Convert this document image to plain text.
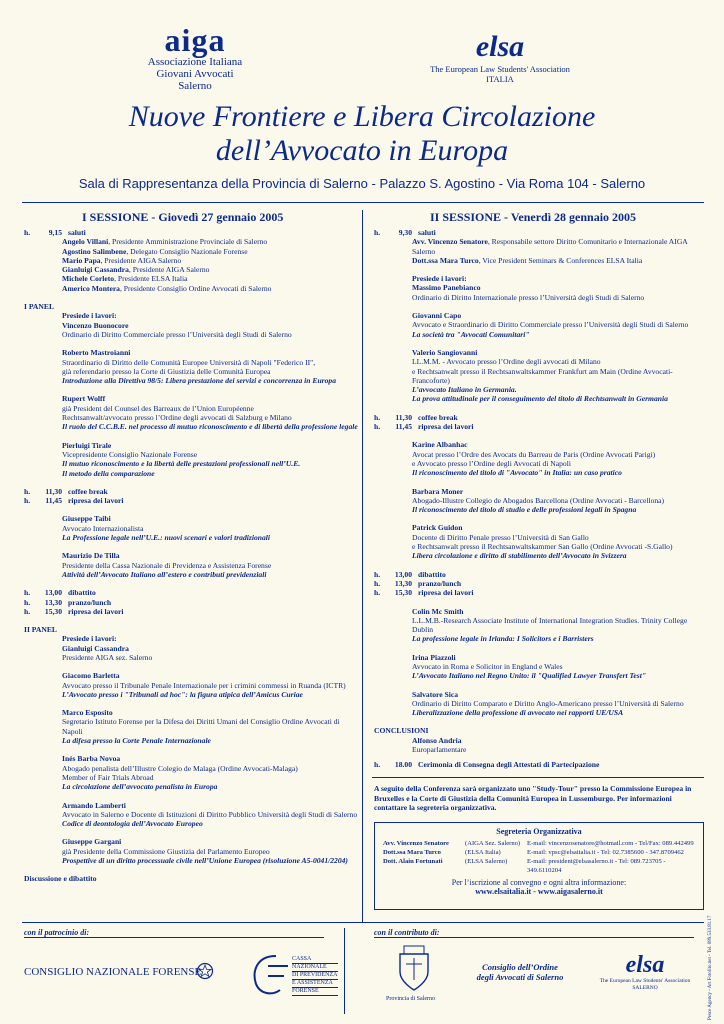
aiga
Associazione Italiana
Giovani Avvocati
Salerno
elsa
The European Law Students' Association
ITALIA
Nuove Frontiere e Libera Circolazione
dell’Avvocato in Europa
Sala di Rappresentanza della Provincia di Salerno - Palazzo S. Agostino - Via Roma 104 - Salerno
I SESSIONE - Giovedì 27 gennaio 2005
h.	9,15 saluti
Angelo Villani, Presidente Amministrazione Provinciale di Salerno
Agostino Salimbene, Delegato Consiglio Nazionale Forense
Mario Papa, Presidente AIGA Salerno
Gianluigi Cassandra, Presidente AIGA Salerno
Michele Corleto, Presidente ELSA Italia
Americo Montera, Presidente Consiglio Ordine Avvocati di Salerno
I PANEL
Presiede i lavori:
Vincenzo Buonocore
Ordinario di Diritto Commerciale presso l’Università degli Studi di Salerno
Roberto Mastroianni
Straordinario di Diritto delle Comunità Europee Università di Napoli "Federico II",
già referendario presso la Corte di Giustizia delle Comunità Europea
Introduzione alla Direttiva 98/5: Libera prestazione dei servizi e concorrenza in Europa
Rupert Wolff
già President del Counsel des Barreaux de l’Union Européenne
Rechtsanwalt/avvocato presso l’Ordine degli avvocati di Salzburg e Milano
Il ruolo del C.C.B.E. nel processo di mutuo riconoscimento e di libertà della professione legale
Pierluigi Tirale
Vicepresidente Consiglio Nazionale Forense
Il mutuo riconoscimento e la libertà delle prestazioni professionali nell’U.E.
Il metodo della comparazione
h.	11,30 coffee break
h.	11,45 ripresa dei lavori
Giuseppe Taibi
Avvocato Internazionalista
La Professione legale nell’U.E.: nuovi scenari e valori tradizionali
Maurizio De Tilla
Presidente della Cassa Nazionale di Previdenza e Assistenza Forense
Attività dell’Avvocato Italiano all’estero e contributi previdenziali
h.	13,00 dibattito
h.	13,30 pranzo/lunch
h.	15,30 ripresa dei lavori
II PANEL
Presiede i lavori:
Gianluigi Cassandra
Presidente AIGA sez. Salerno
Giacomo Barletta
Avvocato presso il Tribunale Penale Internazionale per i crimini commessi in Ruanda (ICTR)
L’Avvocato presso i "Tribunali ad hoc": la figura atipica dell’Amicus Curiae
Marco Esposito
Segretario Istituto Forense per la Difesa dei Diritti Umani del Consiglio Ordine Avvocati di Napoli
La difesa presso la Corte Penale Internazionale
Inés Barba Novoa
Abogado penalista dell’Illustre Colegio de Malaga (Ordine Avvocati-Malaga)
Member of Fair Trials Abroad
La circolazione dell’avvocato penalista in Europa
Armando Lamberti
Avvocato in Salerno e Docente di Istituzioni di Diritto Pubblico Università degli Studi di Salerno
Codice di deontologia dell’Avvocato Europeo
Giuseppe Gargani
già Presidente della Commissione Giustizia del Parlamento Europeo
Prospettive di un diritto processuale civile nell’Unione Europea (risoluzione A5-0041/2204)
Discussione e dibattito
II SESSIONE - Venerdì 28 gennaio 2005
h.	9,30 saluti
Avv. Vincenzo Senatore, Responsabile settore Diritto Comunitario e Internazionale AIGA Salerno
Dott.ssa Mara Turco, Vice President Seminars & Conferences ELSA Italia
Presiede i lavori:
Massimo Panebianco
Ordinario di Diritto Internazionale presso l’Università degli Studi di Salerno
Giovanni Capo
Avvocato e Straordinario di Diritto Commerciale presso l’Università degli Studi di Salerno
La società tra "Avvocati Comunitari"
Valerio Sangiovanni
LL.M.M. - Avvocato presso l’Ordine degli avvocati di Milano
e Rechtsanwalt presso il Rechtsanwaltskammer Frankfurt am Main (Ordine Avvocati- Francoforte)
L’avvocato Italiano in Germania.
La prova attitudinale per il conseguimento del titolo di Rechtsanwalt in Germania
h.	11,30 coffee break
h.	11,45 ripresa dei lavori
Karine Albanhac
Avocat presso l’Ordre des Avocats du Barreau de Paris (Ordine Avvocati Parigi)
e Avvocato presso l’Ordine degli Avvocati di Napoli
Il riconoscimento del titolo di "Avvocato" in Italia: un caso pratico
Barbara Moner
Abogado-Illustre Collegio de Abogados Barcellona (Ordine Avvocati - Barcellona)
Il riconoscimento del titolo di studio e delle professioni legali in Spagna
Patrick Guidon
Docente di Diritto Penale presso l’Università di San Gallo
e Rechtsanwalt presso il Rechtsanwaltskammer San Gallo (Ordine Avvocati -S.Gallo)
Libera circolazione e diritto di stabilimento dell’Avvocato in Svizzera
h.	13,00 dibattito
h.	13,30 pranzo/lunch
h.	15,30 ripresa dei lavori
Colin Mc Smith
L.L.M.B.-Research Associate Institute of International Integration Studies. Trinity College Dublin
La professione legale in Irlanda: I Solicitors e i Barristers
Irina Piazzoli
Avvocato in Roma e Solicitor in England e Wales
L’Avvocato Italiano nel Regno Unito: il "Qualified Lawyer Transfert Test"
Salvatore Sica
Ordinario di Diritto Comparato e Diritto Anglo-Americano presso l’Università di Salerno
Liberalizzazione della professione di avvocato nei rapporti UE/USA
CONCLUSIONI
Alfonso Andria
Europarlamentare
h.	18.00 Cerimonia di Consegna degli Attestati di Partecipazione
A seguito della Conferenza sarà organizzato uno "Study-Tour" presso la Commissione Europea in Bruxelles e la Corte di Giustizia della Comunità Europea in Lussemburgo. Per informazioni contattare la segreteria organizzativa.
Segreteria Organizzativa
Avv. Vincenzo Senatore	(AIGA Sez. Salerno)	E-mail: vincenzosenatore@hotmail.com - Tel/Fax: 089.442499
Dott.ssa Mara Turco	(ELSA Italia)	E-mail: vpsc@elsaitalia.it - Tel: 02.7385600 - 347.8709462
Dott. Alain Fortunati	(ELSA Salerno)	E-mail: president@elsasalerno.it - Tel: 089.723705 - 349.6110204
Per l’iscrizione al convegno e ogni altra informazione:
www.elsaitalia.it - www.aigasalerno.it
con il patrocinio di:	con il contributo di:
CONSIGLIO NAZIONALE FORENSE
CASSA
NAZIONALE
DI PREVIDENZA
E ASSISTENZA
FORENSE
Provincia di Salerno
Consiglio dell’Ordine
degli Avvocati di Salerno	elsa
The European Law Students' Association
SALERNO	Pesce Agency - Art Fotolito.net - Tel. 089.533.81.17
